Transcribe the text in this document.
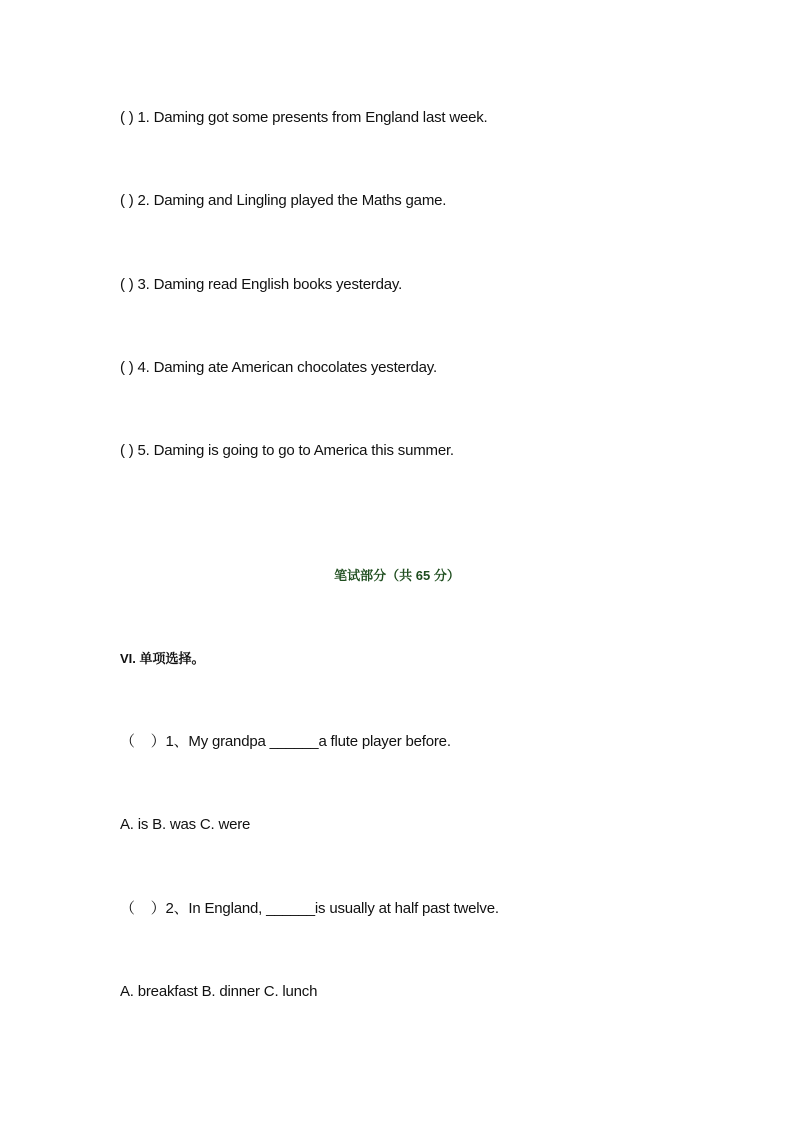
( ) 1. Daming got some presents from England last week.
( ) 2. Daming and Lingling played the Maths game.
( ) 3. Daming read English books yesterday.
( ) 4. Daming ate American chocolates yesterday.
( ) 5. Daming is going to go to America this summer.
笔试部分（共 65 分）
VI. 单项选择。
（    ）1、My grandpa ______a flute player before.
A. is B. was C. were
（    ）2、In England, ______is usually at half past twelve.
A. breakfast B. dinner C. lunch
